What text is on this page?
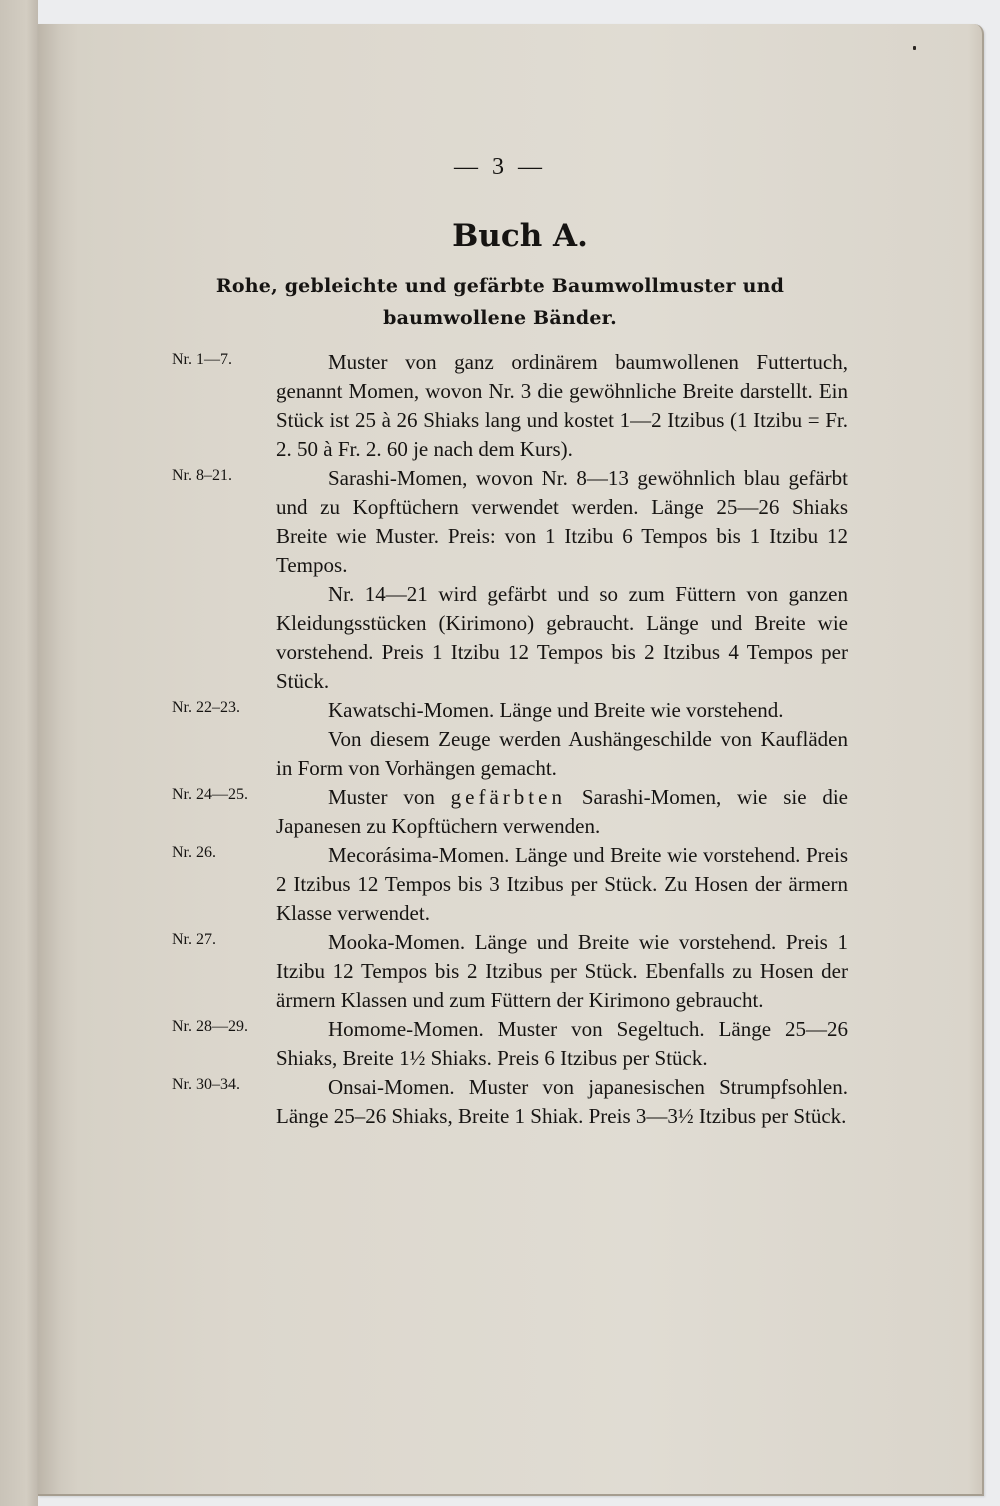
— 3 —
Buch A.
Rohe, gebleichte und gefärbte Baumwollmuster und baumwollene Bänder.
Nr. 1—7.	Muster von ganz ordinärem baumwollenen Futtertuch, genannt Momen, wovon Nr. 3 die gewöhnliche Breite darstellt. Ein Stück ist 25 à 26 Shiaks lang und kostet 1—2 Itzibus (1 Itzibu = Fr. 2. 50 à Fr. 2. 60 je nach dem Kurs).
Nr. 8–21.	Sarashi-Momen, wovon Nr. 8—13 gewöhnlich blau gefärbt und zu Kopftüchern verwendet werden. Länge 25—26 Shiaks Breite wie Muster. Preis: von 1 Itzibu 6 Tempos bis 1 Itzibu 12 Tempos.
Nr. 14—21 wird gefärbt und so zum Füttern von ganzen Kleidungsstücken (Kirimono) gebraucht. Länge und Breite wie vorstehend. Preis 1 Itzibu 12 Tempos bis 2 Itzibus 4 Tempos per Stück.
Nr. 22–23.	Kawatschi-Momen. Länge und Breite wie vorstehend.
Von diesem Zeuge werden Aushängeschilde von Kaufläden in Form von Vorhängen gemacht.
Nr. 24—25.	Muster von gefärbten Sarashi-Momen, wie sie die Japanesen zu Kopftüchern verwenden.
Nr. 26.	Mecorásima-Momen. Länge und Breite wie vorstehend. Preis 2 Itzibus 12 Tempos bis 3 Itzibus per Stück. Zu Hosen der ärmern Klasse verwendet.
Nr. 27.	Mooka-Momen. Länge und Breite wie vorstehend. Preis 1 Itzibu 12 Tempos bis 2 Itzibus per Stück. Ebenfalls zu Hosen der ärmern Klassen und zum Füttern der Kirimono gebraucht.
Nr. 28—29.	Homome-Momen. Muster von Segeltuch. Länge 25—26 Shiaks, Breite 1½ Shiaks. Preis 6 Itzibus per Stück.
Nr. 30–34.	Onsai-Momen. Muster von japanesischen Strumpfsohlen. Länge 25–26 Shiaks, Breite 1 Shiak. Preis 3—3½ Itzibus per Stück.
